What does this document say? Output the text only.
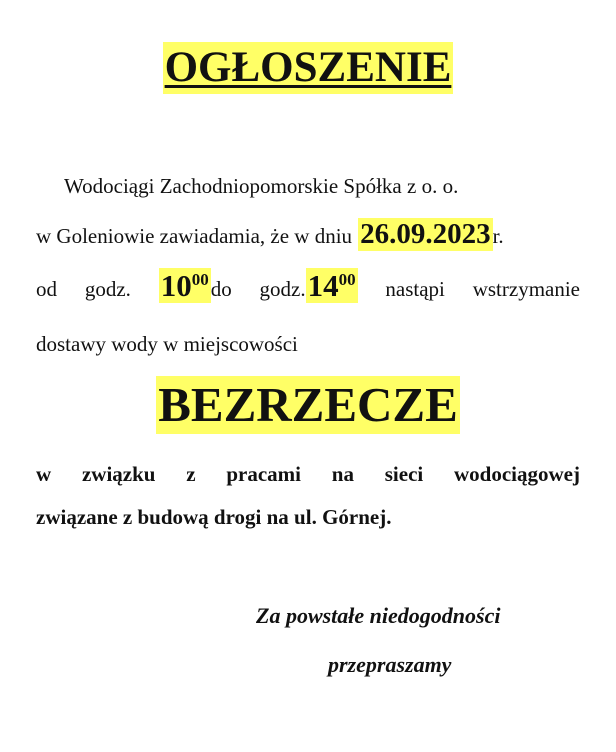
OGŁOSZENIE
Wodociągi Zachodniopomorskie Spółka z o. o.
w Goleniowie zawiadamia, że w dniu 26.09.2023 r.
od godz. $10^{00}do$ $godz.14^{00}$ nastąpi wstrzymanie
dostawy wody w miejscowości
BEZRZECZE
w związku z pracami na sieci wodociągowej
związane z budową drogi na ul. Górnej.
Za powstałe niedogodności
przepraszamy
